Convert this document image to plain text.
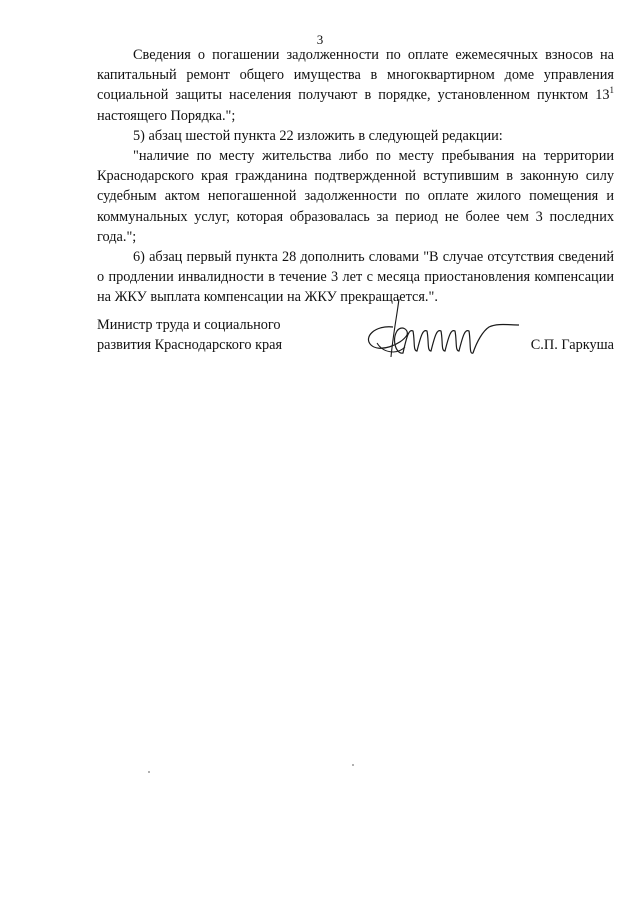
3

Сведения о погашении задолженности по оплате ежемесячных взносов на капитальный ремонт общего имущества в многоквартирном доме управления социальной защиты населения получают в порядке, установленном пунктом $13^1$ настоящего Порядка.";

5) абзац шестой пункта 22 изложить в следующей редакции:

"наличие по месту жительства либо по месту пребывания на территории Краснодарского края гражданина подтвержденной вступившим в законную силу судебным актом непогашенной задолженности по оплате жилого помещения и коммунальных услуг, которая образовалась за период не более чем 3 последних года.";

6) абзац первый пункта 28 дополнить словами "В случае отсутствия сведений о продлении инвалидности в течение 3 лет с месяца приостановления компенсации на ЖКУ выплата компенсации на ЖКУ прекращается.".

Министр труда и социального
развития Краснодарского края	С.П. Гаркуша
